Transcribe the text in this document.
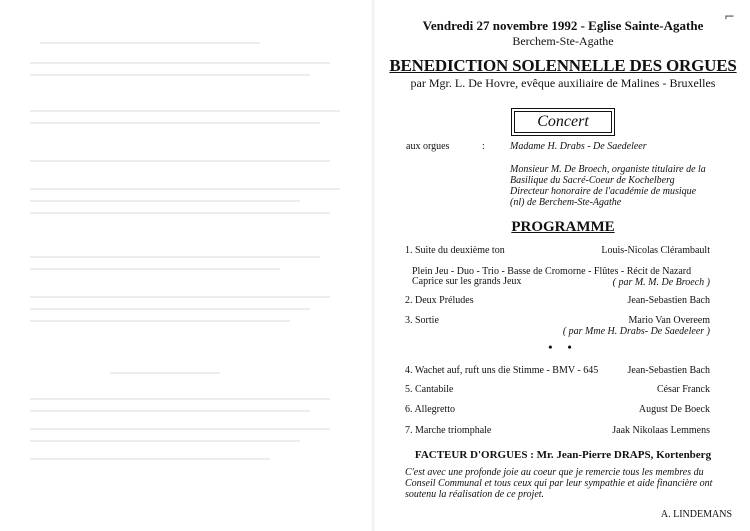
⌐
Vendredi 27 novembre 1992 - Eglise Sainte-Agathe
Berchem-Ste-Agathe
BENEDICTION SOLENNELLE DES ORGUES
par Mgr. L. De Hovre, evêque auxiliaire de Malines - Bruxelles
Concert
aux orgues	:	Madame H. Drabs - De Saedeleer
Monsieur M. De Broech, organiste titulaire de la
Basilique du Sacré-Coeur de Kochelberg
Directeur honoraire de l'académie de musique
(nl) de Berchem-Ste-Agathe
PROGRAMME
1. Suite du deuxième ton	Louis-Nicolas Clérambault
Plein Jeu - Duo - Trio - Basse de Cromorne - Flûtes - Récit de Nazard
Caprice sur les grands Jeux	( par M. M. De Broech )
2. Deux Préludes	Jean-Sebastien Bach
3. Sortie	Mario Van Overeem
( par Mme H. Drabs- De Saedeleer )
• •
4. Wachet auf, ruft uns die Stimme - BMV - 645	Jean-Sebastien Bach
5. Cantabile	César Franck
6. Allegretto	August De Boeck
7. Marche triomphale	Jaak Nikolaas Lemmens
FACTEUR D'ORGUES : Mr. Jean-Pierre DRAPS, Kortenberg
C'est avec une profonde joie au coeur que je remercie tous les membres du Conseil Communal et tous ceux qui par leur sympathie et aide financière ont soutenu la réalisation de ce projet.
A. LINDEMANS
